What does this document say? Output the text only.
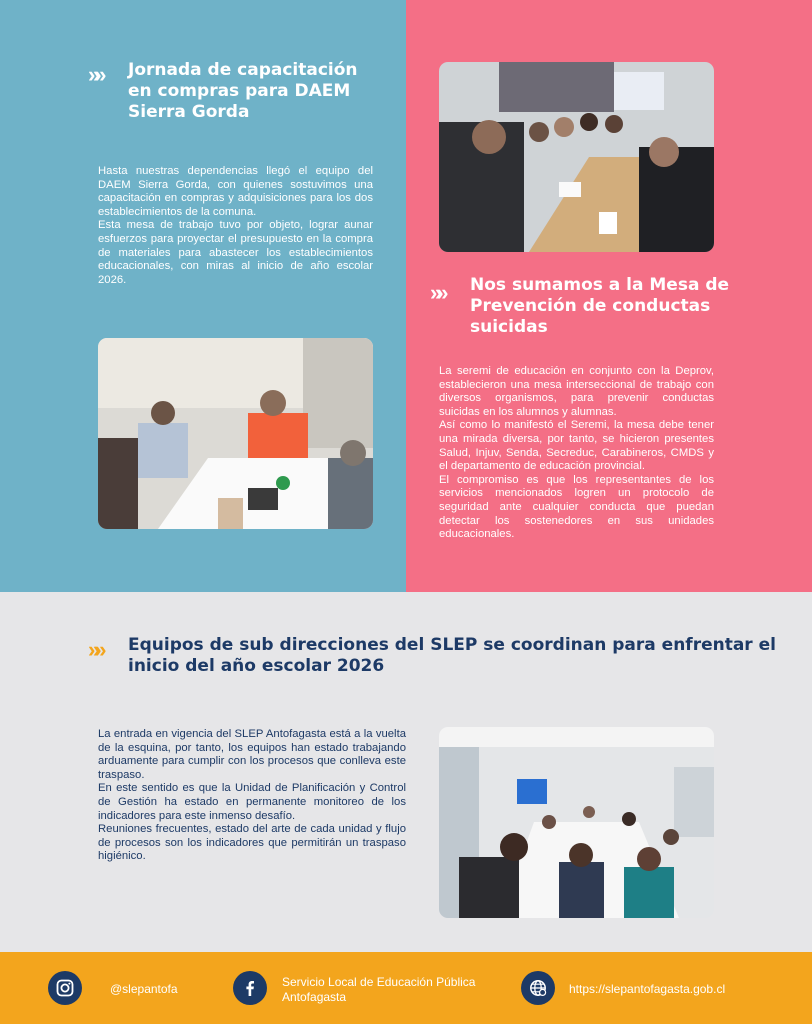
»» Jornada de capacitación
en compras para DAEM
Sierra Gorda

Hasta nuestras dependencias llegó el equipo del DAEM Sierra Gorda, con quienes sostuvimos una capacitación en compras y adquisiciones para los dos establecimientos de la comuna.

Esta mesa de trabajo tuvo por objeto, lograr aunar esfuerzos para proyectar el presupuesto en la compra de materiales para abastecer los establecimientos educacionales, con miras al inicio de año escolar 2026.

»» Nos sumamos a la Mesa de
Prevención de conductas
suicidas

La seremi de educación en conjunto con la Deprov, establecieron una mesa interseccional de trabajo con diversos organismos, para prevenir conductas suicidas en los alumnos y alumnas.

Así como lo manifestó el Seremi, la mesa debe tener una mirada diversa, por tanto, se hicieron presentes Salud, Injuv, Senda, Secreduc, Carabineros, CMDS y el departamento de educación provincial.

El compromiso es que los representantes de los servicios mencionados logren un protocolo de seguridad ante cualquier conducta que puedan detectar los sostenedores en sus unidades educacionales.

»» Equipos de sub direcciones del SLEP se coordinan para enfrentar el
inicio del año escolar 2026

La entrada en vigencia del SLEP Antofagasta está a la vuelta de la esquina, por tanto, los equipos han estado trabajando arduamente para cumplir con los procesos que conlleva este traspaso.

En este sentido es que la Unidad de Planificación y Control de Gestión ha estado en permanente monitoreo de los indicadores para este inmenso desafío.

Reuniones frecuentes, estado del arte de cada unidad y flujo de procesos son los indicadores que permitirán un traspaso higiénico.

@slepantofa	Servicio Local de Educación Pública
Antofagasta
https://slepantofagasta.gob.cl
